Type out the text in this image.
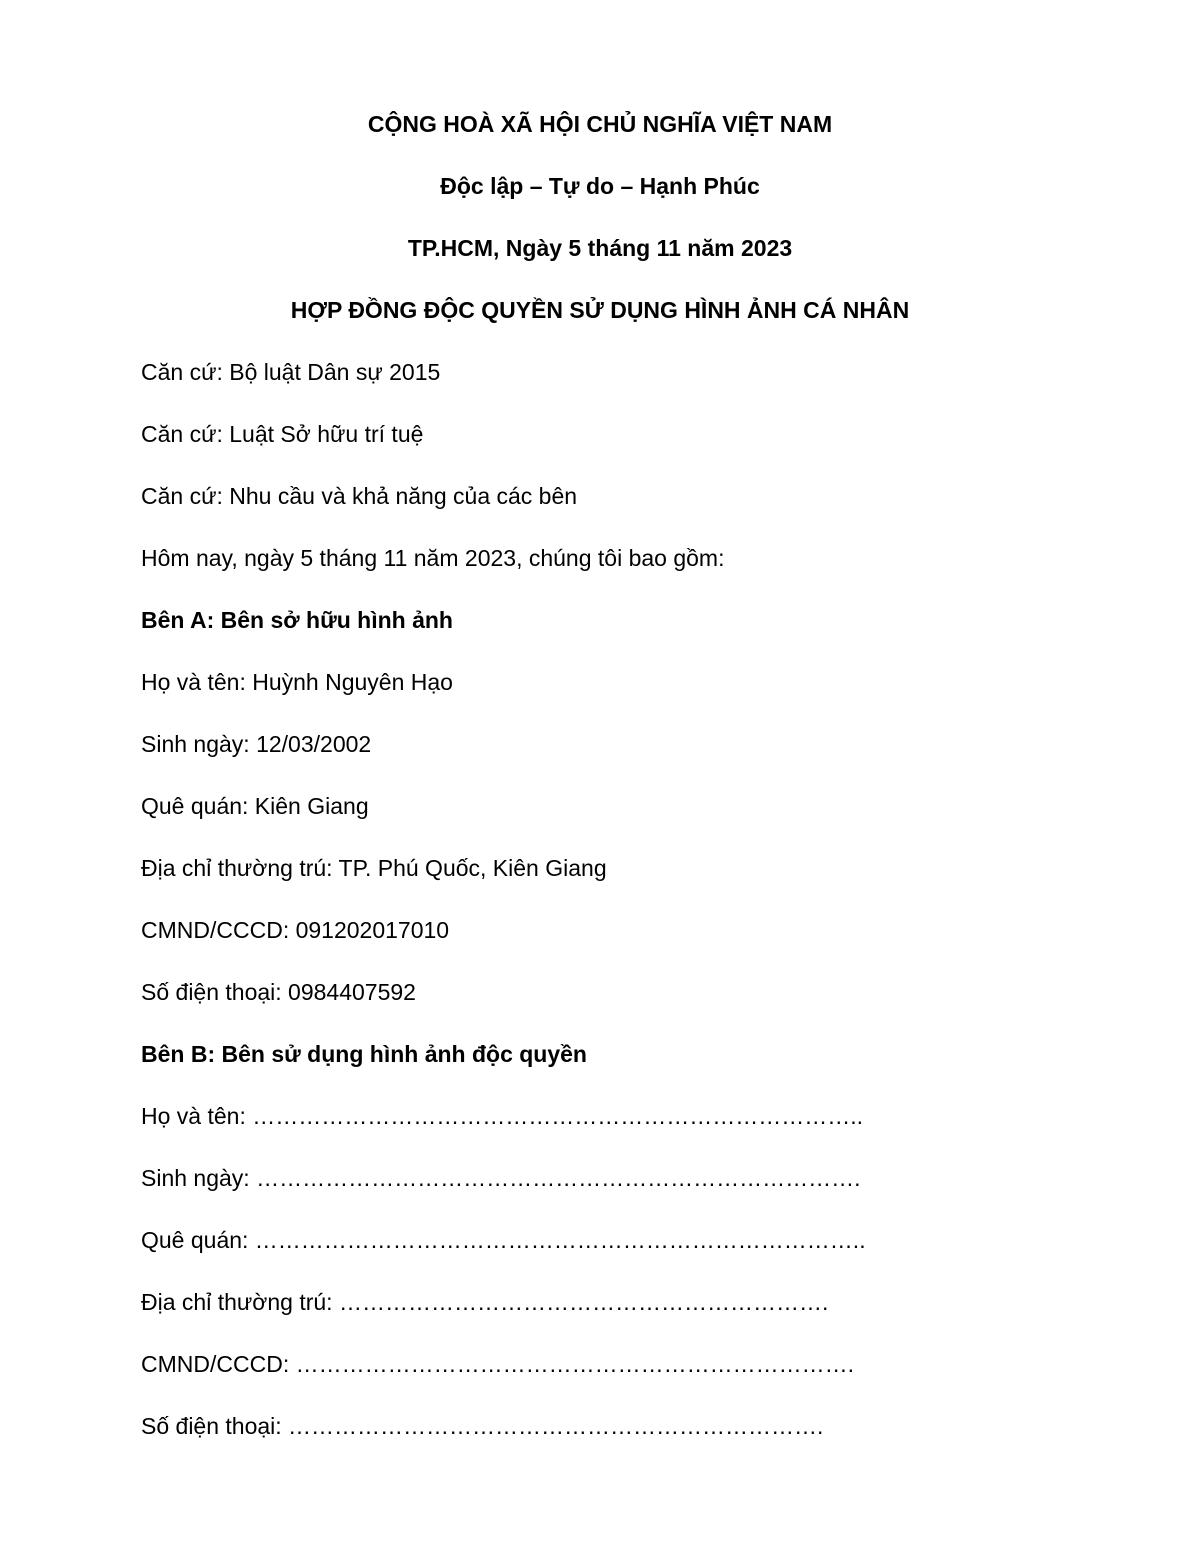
CỘNG HOÀ XÃ HỘI CHỦ NGHĨA VIỆT NAM
Độc lập – Tự do – Hạnh Phúc
TP.HCM, Ngày 5 tháng 11 năm 2023
HỢP ĐỒNG ĐỘC QUYỀN SỬ DỤNG HÌNH ẢNH CÁ NHÂN
Căn cứ: Bộ luật Dân sự 2015
Căn cứ: Luật Sở hữu trí tuệ
Căn cứ: Nhu cầu và khả năng của các bên
Hôm nay, ngày 5 tháng 11 năm 2023, chúng tôi bao gồm:
Bên A: Bên sở hữu hình ảnh
Họ và tên: Huỳnh Nguyên Hạo
Sinh ngày: 12/03/2002
Quê quán: Kiên Giang
Địa chỉ thường trú: TP. Phú Quốc, Kiên Giang
CMND/CCCD: 091202017010
Số điện thoại: 0984407592
Bên B: Bên sử dụng hình ảnh độc quyền
Họ và tên: ……………………………………………………………………..
Sinh ngày: …………………………………………………………………….
Quê quán: ……………………………………………………………………..
Địa chỉ thường trú: ……………………………………………………….
CMND/CCCD: ……………………………………………………………….
Số điện thoại: …………………………………………………………….
